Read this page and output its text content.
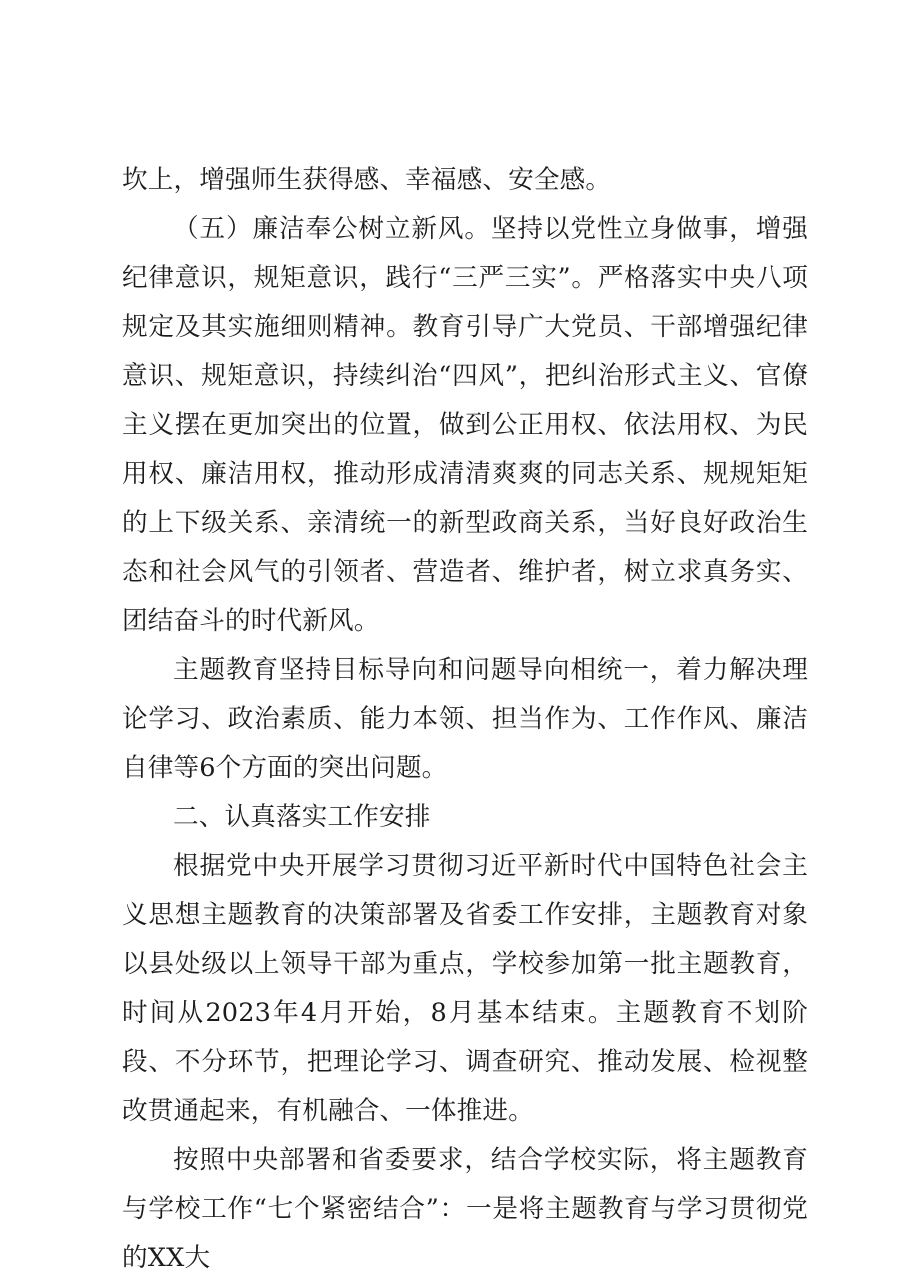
坎上，增强师生获得感、幸福感、安全感。

（五）廉洁奉公树立新风。坚持以党性立身做事，增强纪律意识，规矩意识，践行“三严三实”。严格落实中央八项规定及其实施细则精神。教育引导广大党员、干部增强纪律意识、规矩意识，持续纠治“四风”，把纠治形式主义、官僚主义摆在更加突出的位置，做到公正用权、依法用权、为民用权、廉洁用权，推动形成清清爽爽的同志关系、规规矩矩的上下级关系、亲清统一的新型政商关系，当好良好政治生态和社会风气的引领者、营造者、维护者，树立求真务实、团结奋斗的时代新风。

主题教育坚持目标导向和问题导向相统一，着力解决理论学习、政治素质、能力本领、担当作为、工作作风、廉洁自律等6个方面的突出问题。

二、认真落实工作安排

根据党中央开展学习贯彻习近平新时代中国特色社会主义思想主题教育的决策部署及省委工作安排，主题教育对象以县处级以上领导干部为重点，学校参加第一批主题教育，时间从2023年4月开始，8月基本结束。主题教育不划阶段、不分环节，把理论学习、调查研究、推动发展、检视整改贯通起来，有机融合、一体推进。

按照中央部署和省委要求，结合学校实际，将主题教育与学校工作“七个紧密结合”：一是将主题教育与学习贯彻党的XX大
